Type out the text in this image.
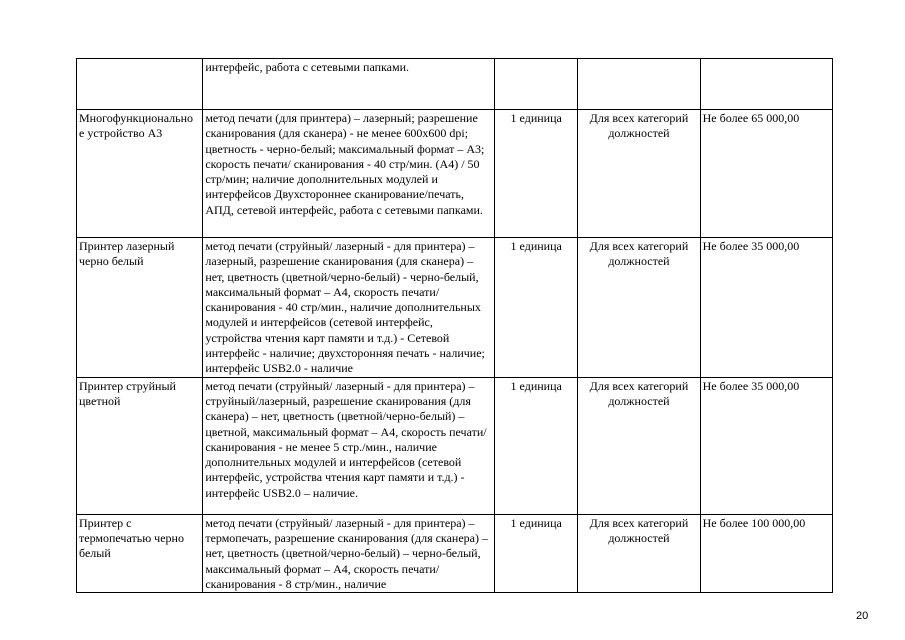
	интерфейс, работа с сетевыми папками.			
Многофункционально е устройство А3	метод печати (для принтера) – лазерный; разрешение сканирования (для сканера) - не менее 600х600 dpi; цветность - черно-белый; максимальный формат – А3; скорость печати/ сканирования - 40 стр/мин. (А4) / 50 стр/мин; наличие дополнительных модулей и интерфейсов Двухстороннее сканирование/печать, АПД, сетевой интерфейс, работа с сетевыми папками.	1 единица	Для всех категорий должностей	Не более 65 000,00
Принтер лазерный черно белый	метод печати (струйный/ лазерный - для принтера) – лазерный, разрешение сканирования (для сканера) – нет, цветность (цветной/черно-белый) - черно-белый, максимальный формат – А4, скорость печати/ сканирования - 40 стр/мин., наличие дополнительных модулей и интерфейсов (сетевой интерфейс, устройства чтения карт памяти и т.д.) - Сетевой интерфейс - наличие; двухсторонняя печать - наличие; интерфейс USB2.0 - наличие	1 единица	Для всех категорий должностей	Не более 35 000,00
Принтер струйный цветной	метод печати (струйный/ лазерный - для принтера) – струйный/лазерный, разрешение сканирования (для сканера) – нет, цветность (цветной/черно-белый) – цветной, максимальный формат – А4, скорость печати/ сканирования - не менее 5 стр./мин., наличие дополнительных модулей и интерфейсов (сетевой интерфейс, устройства чтения карт памяти и т.д.) - интерфейс USB2.0 – наличие.	1 единица	Для всех категорий должностей	Не более 35 000,00
Принтер с термопечатью черно белый	метод печати (струйный/ лазерный - для принтера) – термопечать, разрешение сканирования (для сканера) – нет, цветность (цветной/черно-белый) – черно-белый, максимальный формат – А4, скорость печати/ сканирования - 8 стр/мин., наличие	1 единица	Для всех категорий должностей	Не более 100 000,00
20
